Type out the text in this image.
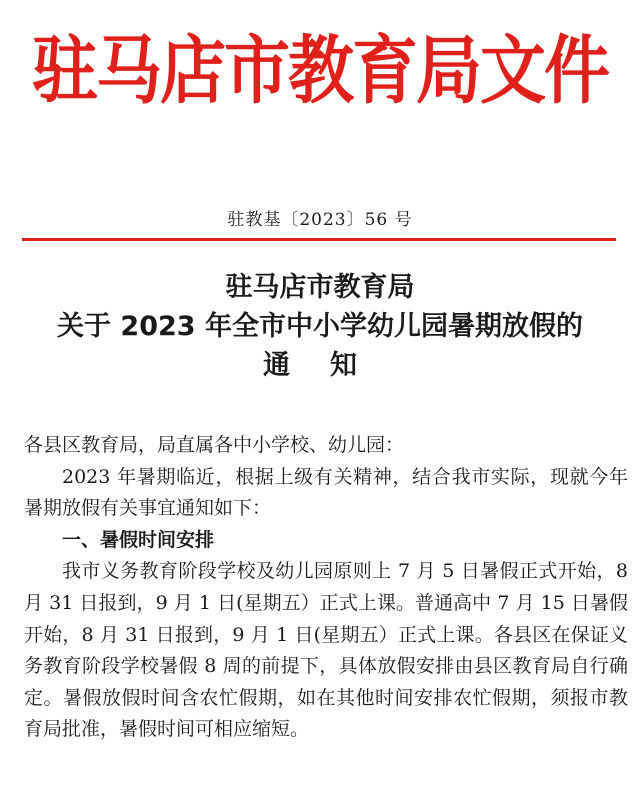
驻马店市教育局文件
驻教基〔2023〕56 号
驻马店市教育局
关于 2023 年全市中小学幼儿园暑期放假的
通知

各县区教育局，局直属各中小学校、幼儿园：

2023 年暑期临近，根据上级有关精神，结合我市实际，现就今年暑期放假有关事宜通知如下：

一、暑假时间安排

我市义务教育阶段学校及幼儿园原则上 7 月 5 日暑假正式开始，8 月 31 日报到，9 月 1 日(星期五）正式上课。普通高中 7 月 15 日暑假开始，8 月 31 日报到，9 月 1 日(星期五）正式上课。各县区在保证义务教育阶段学校暑假 8 周的前提下，具体放假安排由县区教育局自行确定。暑假放假时间含农忙假期，如在其他时间安排农忙假期，须报市教育局批准，暑假时间可相应缩短。
